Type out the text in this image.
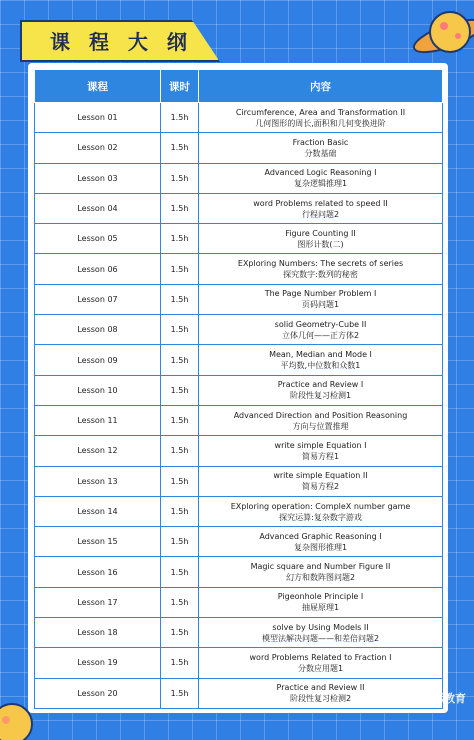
课 程 大 纲
课程	课时	内容
Lesson 01	1.5h	Circumference, Area and Transformation II
几何图形的周长,面积和几何变换进阶

Lesson 02	1.5h	Fraction Basic
分数基础

Lesson 03	1.5h	Advanced Logic Reasoning I
复杂逻辑推理1

Lesson 04	1.5h	word Problems related to speed II
行程问题2

Lesson 05	1.5h	Figure Counting II
图形计数(二)

Lesson 06	1.5h	EXploring Numbers: The secrets of series
探究数字:数列的秘密

Lesson 07	1.5h	The Page Number Problem I
页码问题1

Lesson 08	1.5h	solid Geometry-Cube II
立体几何——正方体2

Lesson 09	1.5h	Mean, Median and Mode I
平均数,中位数和众数1

Lesson 10	1.5h	Practice and Review I
阶段性复习检测1

Lesson 11	1.5h	Advanced Direction and Position Reasoning
方向与位置推理

Lesson 12	1.5h	write simple Equation I
简易方程1

Lesson 13	1.5h	write simple Equation II
简易方程2

Lesson 14	1.5h	EXploring operation: CompleX number game
探究运算:复杂数字游戏

Lesson 15	1.5h	Advanced Graphic Reasoning I
复杂图形推理1

Lesson 16	1.5h	Magic square and Number Figure II
幻方和数阵图问题2

Lesson 17	1.5h	Pigeonhole Principle I
抽屉原理1

Lesson 18	1.5h	solve by Using Models II
模型法解决问题——和差倍问题2

Lesson 19	1.5h	word Problems Related to Fraction I
分数应用题1

Lesson 20	1.5h	Practice and Review II
阶段性复习检测2	育 犀牛国际教育
